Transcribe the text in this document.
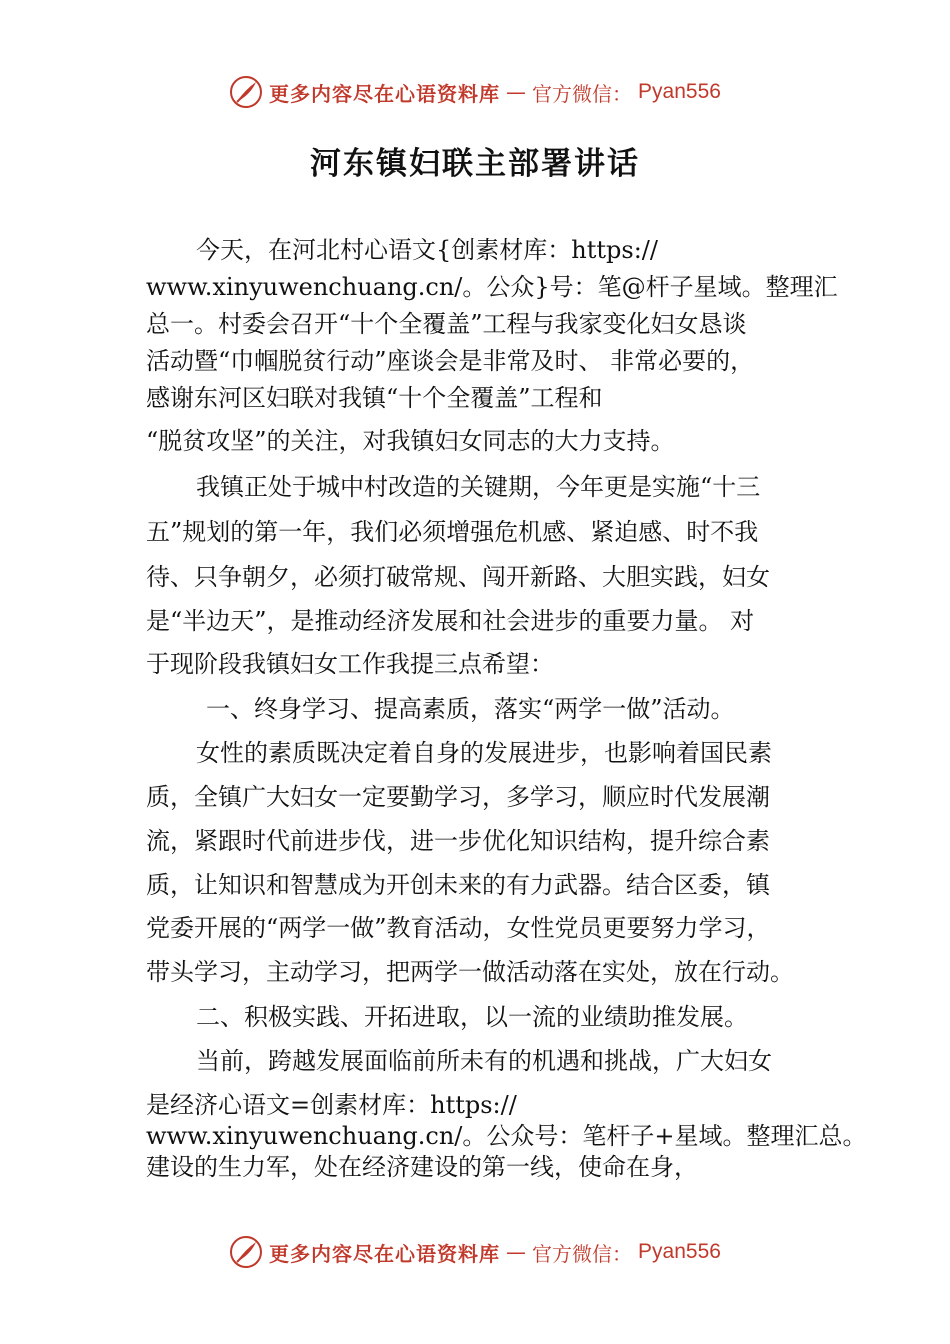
更多内容尽在心语资料库 — 官方微信： Pyan556
河东镇妇联主部署讲话
今天，在河北村心语文{创素材库：https://
www.xinyuwenchuang.cn/。公众}号：笔@杆子星域。整理汇
总一。村委会召开“十个全覆盖”工程与我家变化妇女恳谈
活动暨“巾帼脱贫行动”座谈会是非常及时、 非常必要的，
感谢东河区妇联对我镇“十个全覆盖”工程和
“脱贫攻坚”的关注，对我镇妇女同志的大力支持。
我镇正处于城中村改造的关键期，今年更是实施“十三
五”规划的第一年，我们必须增强危机感、紧迫感、时不我
待、只争朝夕，必须打破常规、闯开新路、大胆实践，妇女
是“半边天”，是推动经济发展和社会进步的重要力量。 对
于现阶段我镇妇女工作我提三点希望：
一、终身学习、提高素质，落实“两学一做”活动。
女性的素质既决定着自身的发展进步，也影响着国民素
质，全镇广大妇女一定要勤学习，多学习，顺应时代发展潮
流，紧跟时代前进步伐，进一步优化知识结构，提升综合素
质，让知识和智慧成为开创未来的有力武器。结合区委，镇
党委开展的“两学一做”教育活动，女性党员更要努力学习，
带头学习，主动学习，把两学一做活动落在实处，放在行动。
二、积极实践、开拓进取，以一流的业绩助推发展。
当前，跨越发展面临前所未有的机遇和挑战，广大妇女
是经济心语文=创素材库：https://
www.xinyuwenchuang.cn/。公众号：笔杆子+星域。整理汇总。
建设的生力军，处在经济建设的第一线，使命在身，
更多内容尽在心语资料库 — 官方微信： Pyan556
